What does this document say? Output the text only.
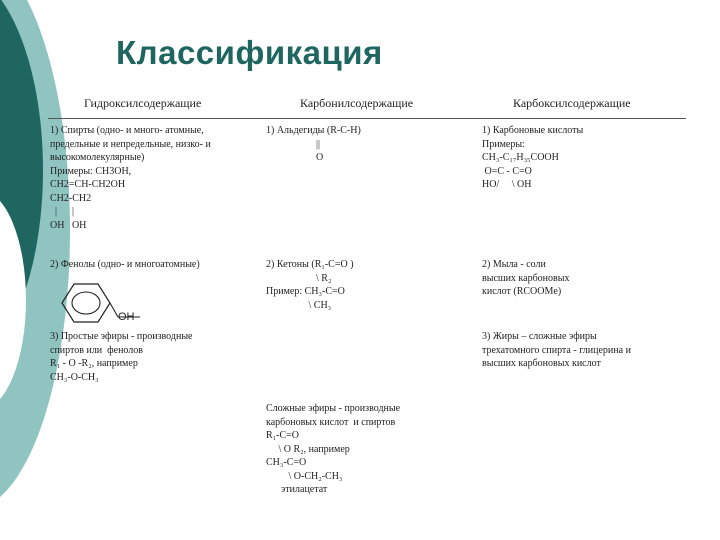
Классификация
Гидроксилсодержащие	Карбонилсодержащие	Карбоксилсодержащие
1) Спирты (одно- и много- атомные,
предельные и непредельные, низко- и
высокомолекулярные)
Примеры: CH3OH,
CH2=CH-CH2OH
CH2-CH2
|      |
OH   OH
1) Альдегиды (R-C-H)
||
O
1) Карбоновые кислоты
Примеры:
CH₃-C₁₇H₃₅COOH
O=C - C=O
HO/     \ OH
2) Фенолы (одно- и многоатомные)
OH
2) Кетоны (R₁-C=O )
\ R₂
Пример: CH₃-C=O
\ CH₃
2) Мыла - соли
высших карбоновых
кислот (RCOOMe)
3) Простые эфиры - производные
спиртов или  фенолов
R₁ - O -R₂, например
CH₃-O-CH₃
3) Жиры – сложные эфиры
трехатомного спирта - глицерина и
высших карбоновых кислот
Сложные эфиры - производные
карбоновых кислот  и спиртов
R₁-C=O
\ O R₂, например
CH₃-C=O
\ O-CH₂-CH₃
этилацетат
